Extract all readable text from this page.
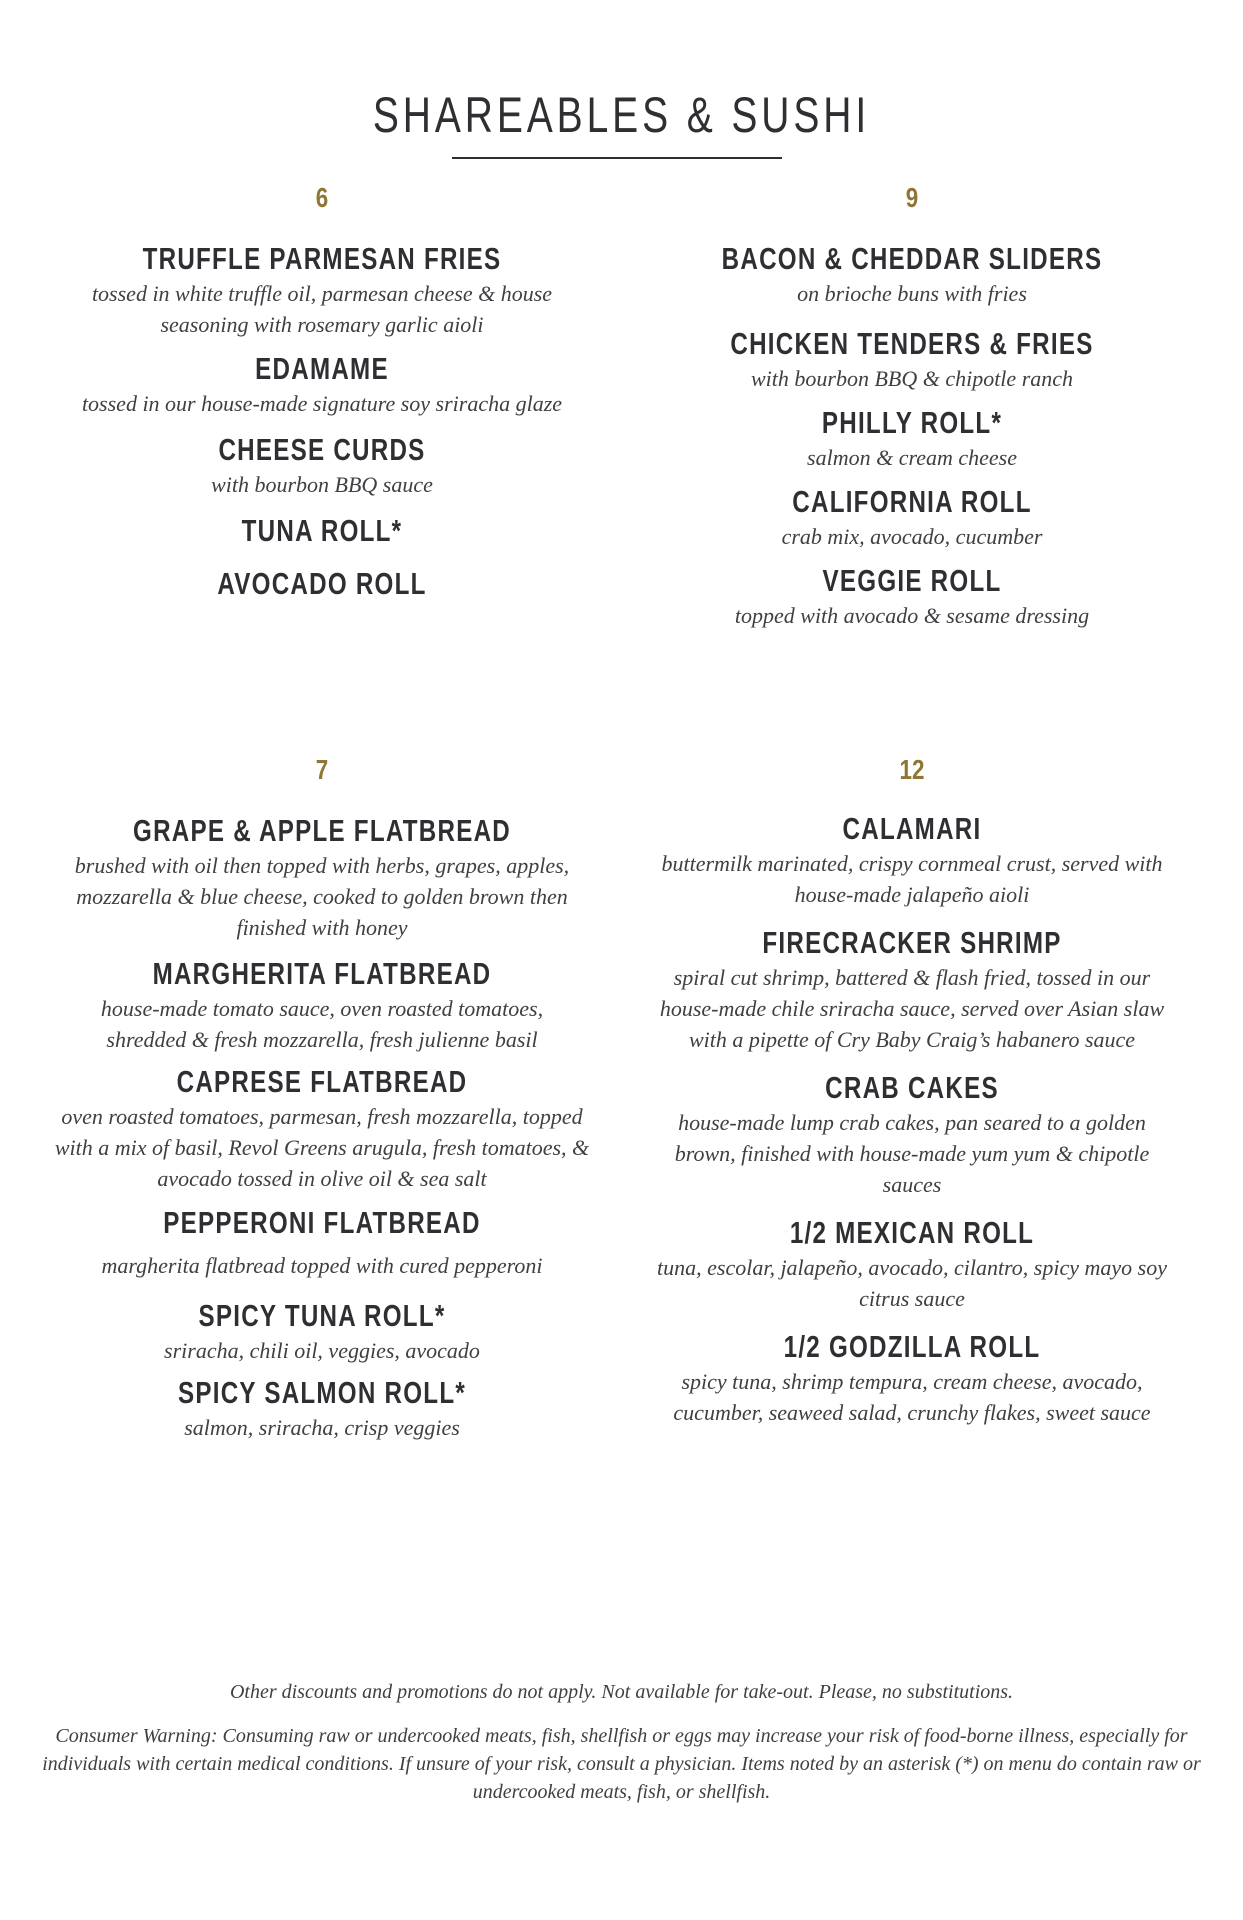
SHAREABLES & SUSHI
6
TRUFFLE PARMESAN FRIES
tossed in white truffle oil, parmesan cheese & house seasoning with rosemary garlic aioli
EDAMAME
tossed in our house-made signature soy sriracha glaze
CHEESE CURDS
with bourbon BBQ sauce
TUNA ROLL*
AVOCADO ROLL
9
BACON & CHEDDAR SLIDERS
on brioche buns with fries
CHICKEN TENDERS & FRIES
with bourbon BBQ & chipotle ranch
PHILLY ROLL*
salmon & cream cheese
CALIFORNIA ROLL
crab mix, avocado, cucumber
VEGGIE ROLL
topped with avocado & sesame dressing
7
GRAPE & APPLE FLATBREAD
brushed with oil then topped with herbs, grapes, apples, mozzarella & blue cheese, cooked to golden brown then finished with honey
MARGHERITA FLATBREAD
house-made tomato sauce, oven roasted tomatoes, shredded & fresh mozzarella, fresh julienne basil
CAPRESE FLATBREAD
oven roasted tomatoes, parmesan, fresh mozzarella, topped with a mix of basil, Revol Greens arugula, fresh tomatoes, & avocado tossed in olive oil & sea salt
PEPPERONI FLATBREAD
margherita flatbread topped with cured pepperoni
SPICY TUNA ROLL*
sriracha, chili oil, veggies, avocado
SPICY SALMON ROLL*
salmon, sriracha, crisp veggies
12
CALAMARI
buttermilk marinated, crispy cornmeal crust, served with house-made jalapeño aioli
FIRECRACKER SHRIMP
spiral cut shrimp, battered & flash fried, tossed in our house-made chile sriracha sauce, served over Asian slaw with a pipette of Cry Baby Craig’s habanero sauce
CRAB CAKES
house-made lump crab cakes, pan seared to a golden brown, finished with house-made yum yum & chipotle sauces
1/2 MEXICAN ROLL
tuna, escolar, jalapeño, avocado, cilantro, spicy mayo soy citrus sauce
1/2 GODZILLA ROLL
spicy tuna, shrimp tempura, cream cheese, avocado, cucumber, seaweed salad, crunchy flakes, sweet sauce
Other discounts and promotions do not apply. Not available for take-out. Please, no substitutions.
Consumer Warning: Consuming raw or undercooked meats, fish, shellfish or eggs may increase your risk of food-borne illness, especially for individuals with certain medical conditions. If unsure of your risk, consult a physician. Items noted by an asterisk (*) on menu do contain raw or undercooked meats, fish, or shellfish.
